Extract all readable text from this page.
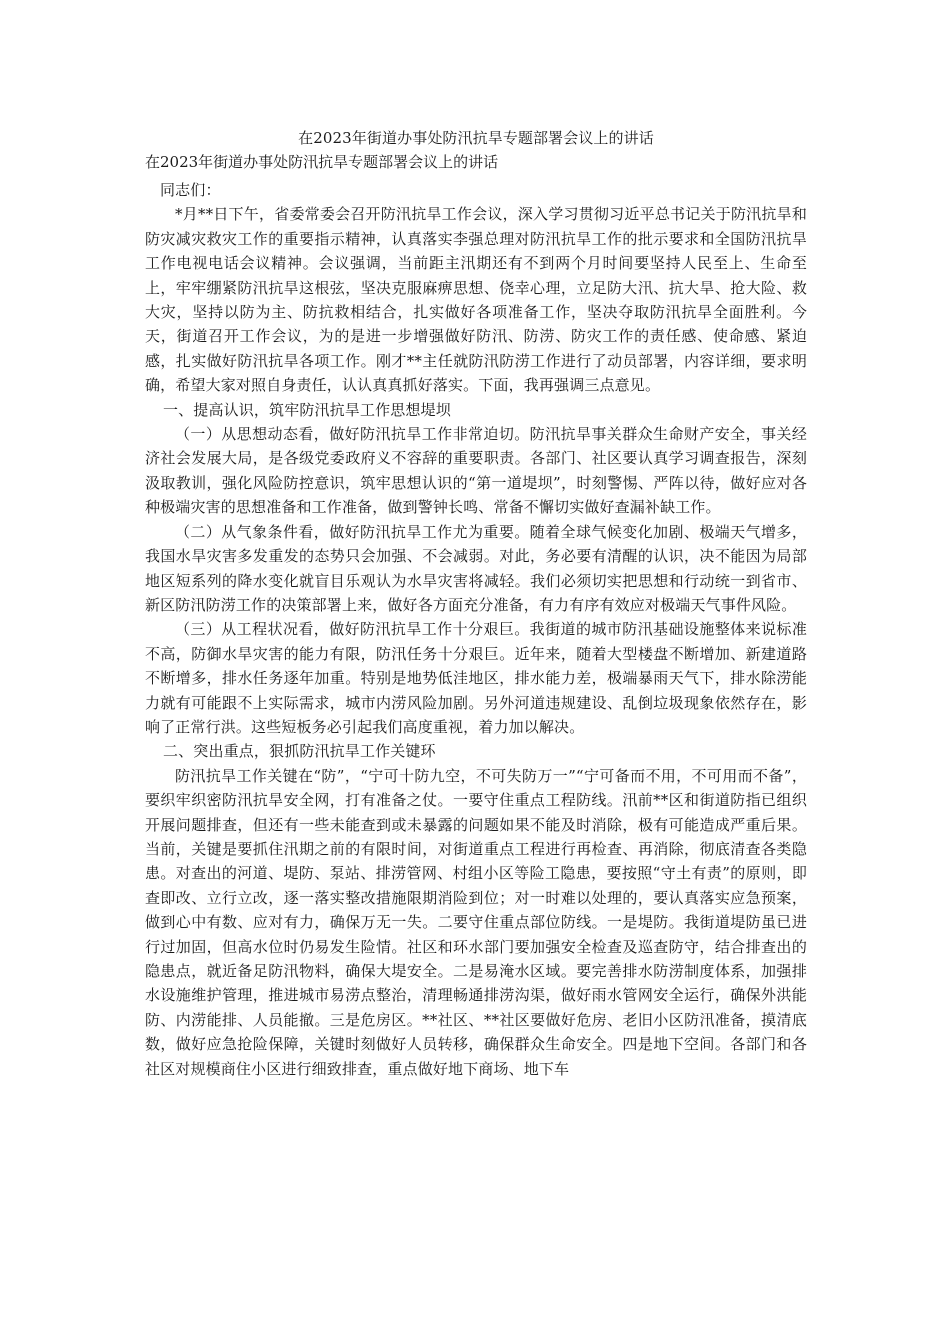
在2023年街道办事处防汛抗旱专题部署会议上的讲话
在2023年街道办事处防汛抗旱专题部署会议上的讲话

同志们：

*月**日下午，省委常委会召开防汛抗旱工作会议，深入学习贯彻习近平总书记关于防汛抗旱和防灾减灾救灾工作的重要指示精神，认真落实李强总理对防汛抗旱工作的批示要求和全国防汛抗旱工作电视电话会议精神。会议强调，当前距主汛期还有不到两个月时间要坚持人民至上、生命至上，牢牢绷紧防汛抗旱这根弦，坚决克服麻痹思想、侥幸心理，立足防大汛、抗大旱、抢大险、救大灾，坚持以防为主、防抗救相结合，扎实做好各项准备工作，坚决夺取防汛抗旱全面胜利。今天，街道召开工作会议，为的是进一步增强做好防汛、防涝、防灾工作的责任感、使命感、紧迫感，扎实做好防汛抗旱各项工作。刚才**主任就防汛防涝工作进行了动员部署，内容详细，要求明确，希望大家对照自身责任，认认真真抓好落实。下面，我再强调三点意见。

一、提高认识，筑牢防汛抗旱工作思想堤坝

（一）从思想动态看，做好防汛抗旱工作非常迫切。防汛抗旱事关群众生命财产安全，事关经济社会发展大局，是各级党委政府义不容辞的重要职责。各部门、社区要认真学习调查报告，深刻汲取教训，强化风险防控意识，筑牢思想认识的“第一道堤坝”，时刻警惕、严阵以待，做好应对各种极端灾害的思想准备和工作准备，做到警钟长鸣、常备不懈切实做好查漏补缺工作。

（二）从气象条件看，做好防汛抗旱工作尤为重要。随着全球气候变化加剧、极端天气增多，我国水旱灾害多发重发的态势只会加强、不会减弱。对此，务必要有清醒的认识，决不能因为局部地区短系列的降水变化就盲目乐观认为水旱灾害将减轻。我们必须切实把思想和行动统一到省市、新区防汛防涝工作的决策部署上来，做好各方面充分准备，有力有序有效应对极端天气事件风险。

（三）从工程状况看，做好防汛抗旱工作十分艰巨。我街道的城市防汛基础设施整体来说标准不高，防御水旱灾害的能力有限，防汛任务十分艰巨。近年来，随着大型楼盘不断增加、新建道路不断增多，排水任务逐年加重。特别是地势低洼地区，排水能力差，极端暴雨天气下，排水除涝能力就有可能跟不上实际需求，城市内涝风险加剧。另外河道违规建设、乱倒垃圾现象依然存在，影响了正常行洪。这些短板务必引起我们高度重视，着力加以解决。

二、突出重点，狠抓防汛抗旱工作关键环

防汛抗旱工作关键在“防”，“宁可十防九空，不可失防万一”“宁可备而不用，不可用而不备”，要织牢织密防汛抗旱安全网，打有准备之仗。一要守住重点工程防线。汛前**区和街道防指已组织开展问题排查，但还有一些未能查到或未暴露的问题如果不能及时消除，极有可能造成严重后果。当前，关键是要抓住汛期之前的有限时间，对街道重点工程进行再检查、再消除，彻底清查各类隐患。对查出的河道、堤防、泵站、排涝管网、村组小区等险工隐患，要按照“守土有责”的原则，即查即改、立行立改，逐一落实整改措施限期消险到位；对一时难以处理的，要认真落实应急预案，做到心中有数、应对有力，确保万无一失。二要守住重点部位防线。一是堤防。我街道堤防虽已进行过加固，但高水位时仍易发生险情。社区和环水部门要加强安全检查及巡查防守，结合排查出的隐患点，就近备足防汛物料，确保大堤安全。二是易淹水区域。要完善排水防涝制度体系，加强排水设施维护管理，推进城市易涝点整治，清理畅通排涝沟渠，做好雨水管网安全运行，确保外洪能防、内涝能排、人员能撤。三是危房区。**社区、**社区要做好危房、老旧小区防汛准备，摸清底数，做好应急抢险保障，关键时刻做好人员转移，确保群众生命安全。四是地下空间。各部门和各社区对规模商住小区进行细致排查，重点做好地下商场、地下车
